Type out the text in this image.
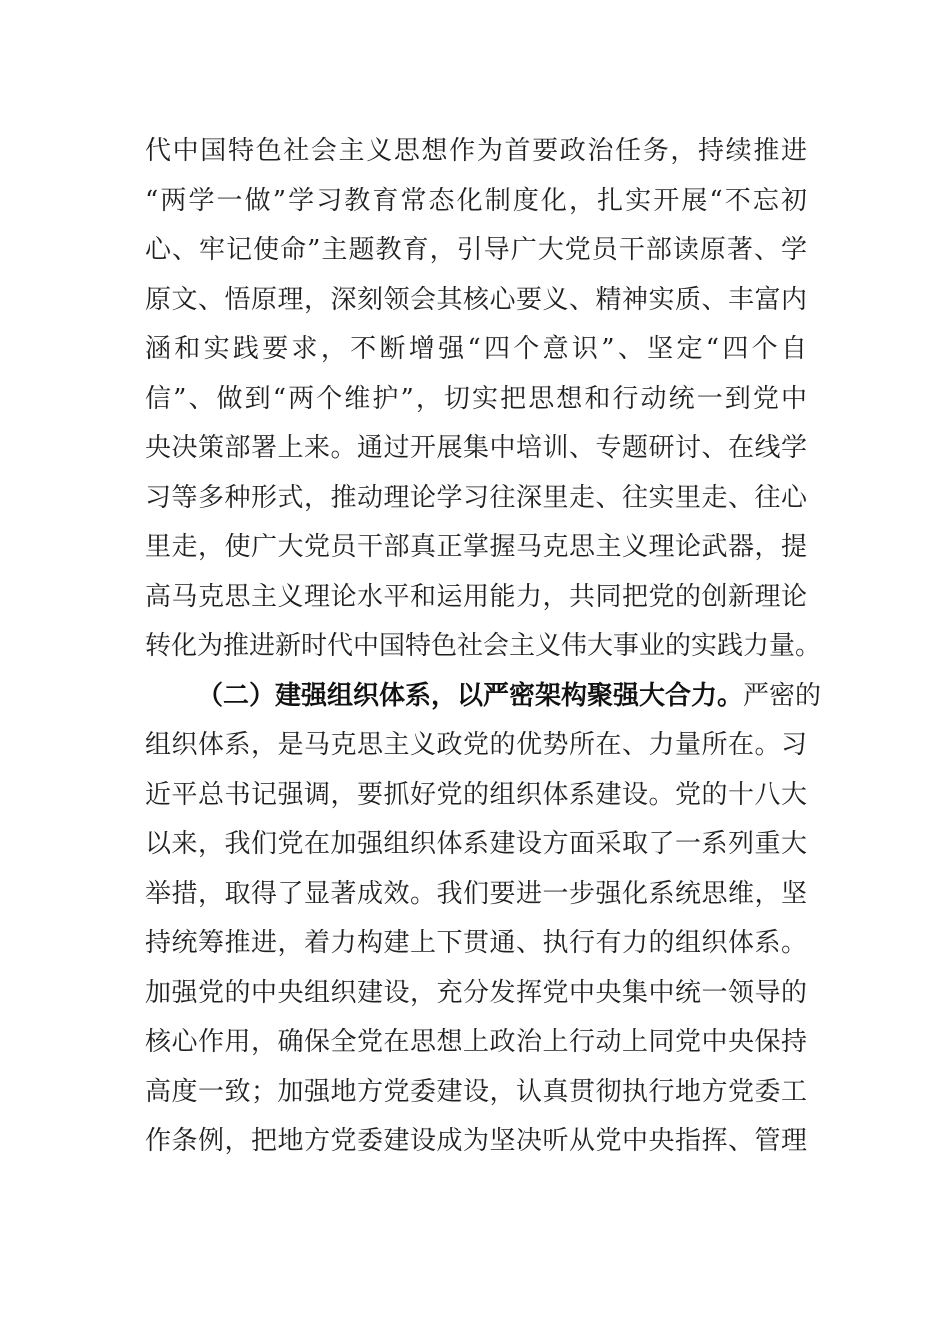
代中国特色社会主义思想作为首要政治任务，持续推进
“两学一做”学习教育常态化制度化，扎实开展“不忘初
心、牢记使命”主题教育，引导广大党员干部读原著、学
原文、悟原理，深刻领会其核心要义、精神实质、丰富内
涵和实践要求，不断增强“四个意识”、坚定“四个自
信”、做到“两个维护”，切实把思想和行动统一到党中
央决策部署上来。通过开展集中培训、专题研讨、在线学
习等多种形式，推动理论学习往深里走、往实里走、往心
里走，使广大党员干部真正掌握马克思主义理论武器，提
高马克思主义理论水平和运用能力，共同把党的创新理论
转化为推进新时代中国特色社会主义伟大事业的实践力量。
（二）建强组织体系，以严密架构聚强大合力。严密的
组织体系，是马克思主义政党的优势所在、力量所在。习
近平总书记强调，要抓好党的组织体系建设。党的十八大
以来，我们党在加强组织体系建设方面采取了一系列重大
举措，取得了显著成效。我们要进一步强化系统思维，坚
持统筹推进，着力构建上下贯通、执行有力的组织体系。
加强党的中央组织建设，充分发挥党中央集中统一领导的
核心作用，确保全党在思想上政治上行动上同党中央保持
高度一致；加强地方党委建设，认真贯彻执行地方党委工
作条例，把地方党委建设成为坚决听从党中央指挥、管理
